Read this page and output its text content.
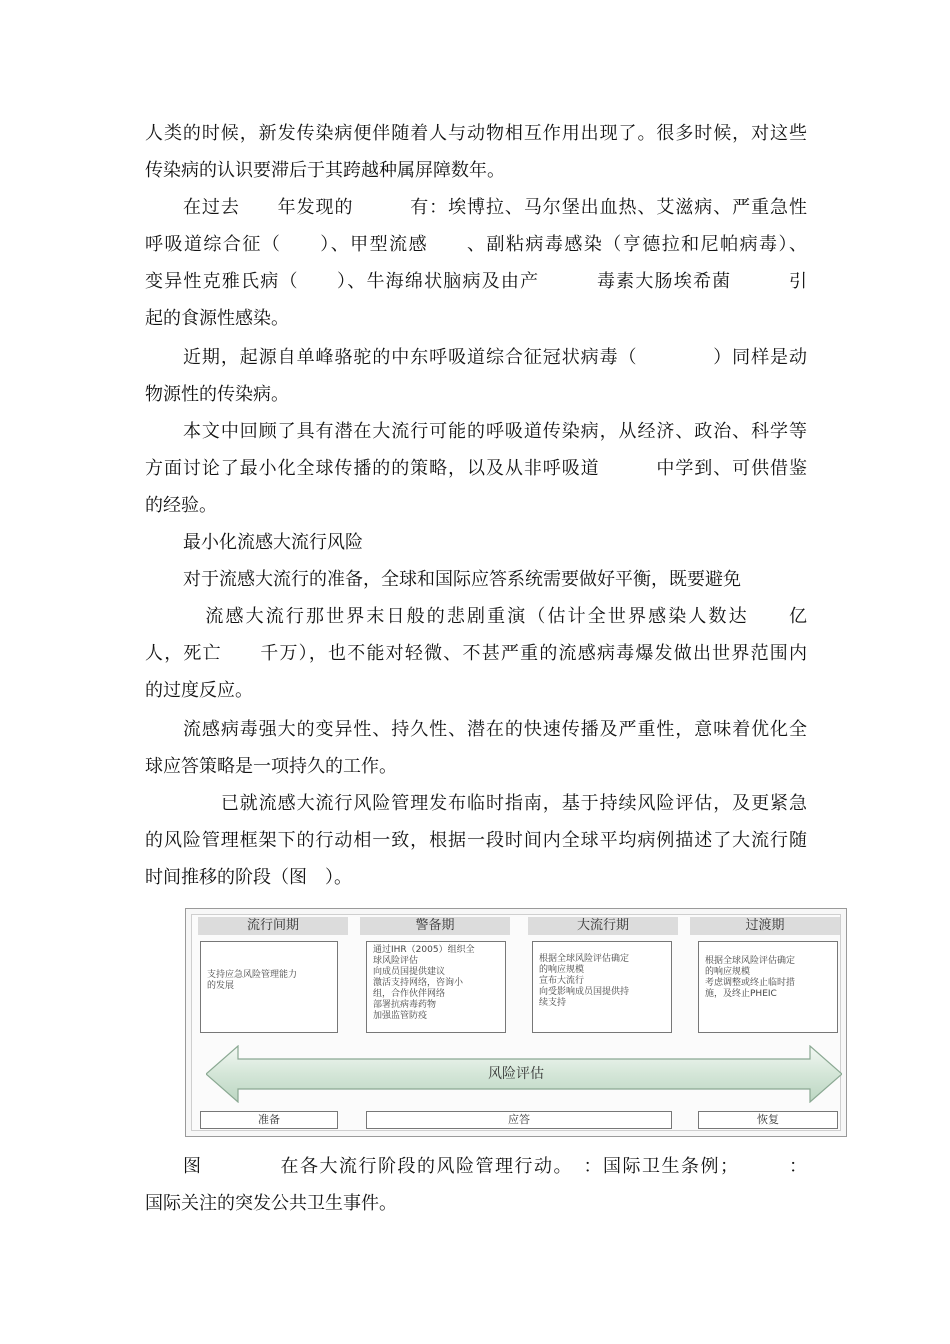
人类的时候，新发传染病便伴随着人与动物相互作用出现了。很多时候，对这些
传染病的认识要滞后于其跨越种属屏障数年。
在过去　　年发现的　　　有：埃博拉、马尔堡出血热、艾滋病、严重急性
呼吸道综合征（　　）、甲型流感　　、副粘病毒感染（亨德拉和尼帕病毒）、
变异性克雅氏病（　　）、牛海绵状脑病及由产　　　毒素大肠埃希菌　　　引
起的食源性感染。
近期，起源自单峰骆驼的中东呼吸道综合征冠状病毒（　　　　）同样是动
物源性的传染病。
本文中回顾了具有潜在大流行可能的呼吸道传染病，从经济、政治、科学等
方面讨论了最小化全球传播的的策略，以及从非呼吸道　　　中学到、可供借鉴
的经验。
最小化流感大流行风险
对于流感大流行的准备，全球和国际应答系统需要做好平衡，既要避免
　　　流感大流行那世界末日般的悲剧重演（估计全世界感染人数达　　亿
人，死亡　　千万），也不能对轻微、不甚严重的流感病毒爆发做出世界范围内
的过度反应。
流感病毒强大的变异性、持久性、潜在的快速传播及严重性，意味着优化全
球应答策略是一项持久的工作。
　　已就流感大流行风险管理发布临时指南，基于持续风险评估，及更紧急
的风险管理框架下的行动相一致，根据一段时间内全球平均病例描述了大流行随
时间推移的阶段（图　）。
流行间期	警备期	大流行期	过渡期
支持应急风险管理能力
的发展
通过IHR（2005）组织全
球风险评估
向成员国提供建议
激活支持网络，咨询小
组，合作伙伴网络
部署抗病毒药物
加强监管防疫
根据全球风险评估确定
的响应规模
宣布大流行
向受影响成员国提供持
续支持
根据全球风险评估确定
的响应规模
考虑调整或终止临时措
施，及终止PHEIC
风险评估
准备	应答	恢复
图　　　　在各大流行阶段的风险管理行动。　：国际卫生条例；　　　：
国际关注的突发公共卫生事件。
